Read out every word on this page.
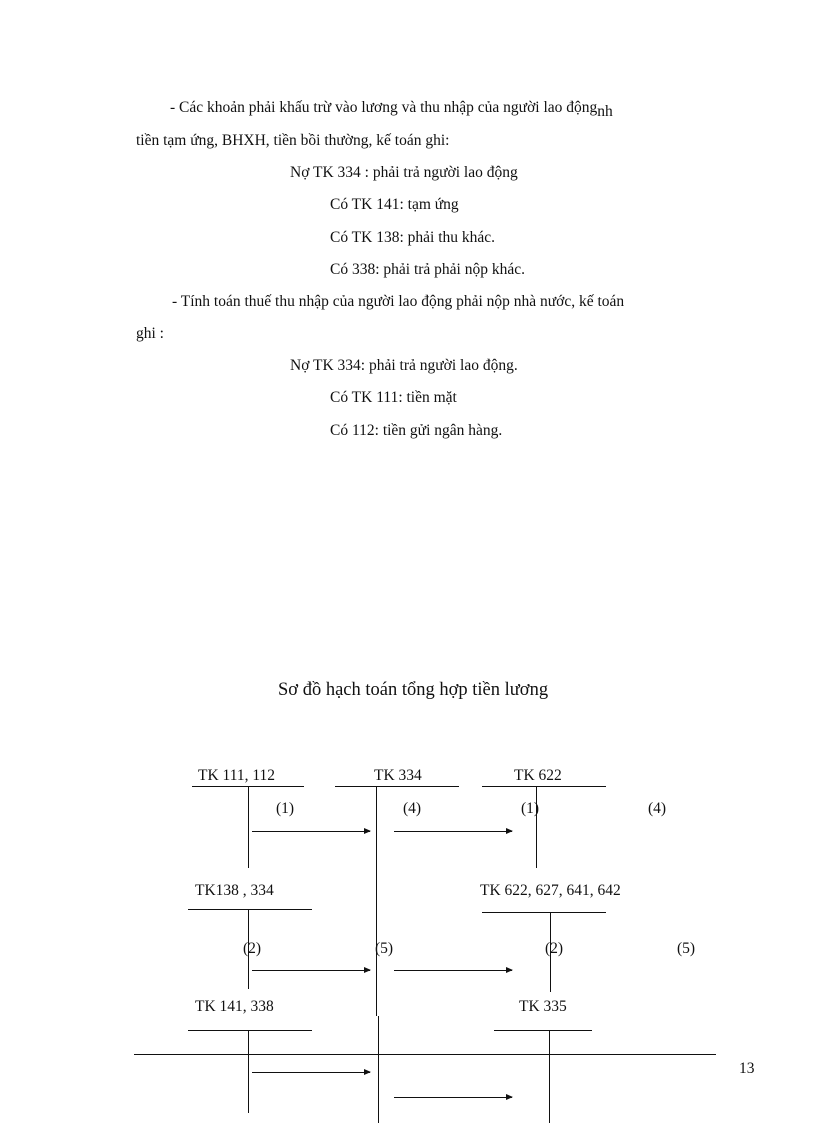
- Các khoản phải khấu trừ vào lương và thu nhập của người lao độngnh
tiền tạm ứng, BHXH, tiền bồi thường, kế toán ghi:
Nợ TK 334 : phải trả người lao động
Có TK 141: tạm ứng
Có TK 138: phải thu khác.
Có 338: phải trả phải nộp khác.
- Tính toán thuế thu nhập của người lao động phải nộp nhà nước, kế toán
ghi :
Nợ TK 334: phải trả người lao động.
Có TK 111: tiền mặt
Có 112: tiền gửi ngân hàng.
Sơ đồ hạch toán tổng hợp tiền lương
TK 111, 112	TK 334	TK 622
TK138 , 334	TK 622, 627, 641, 642
TK 141, 338	TK 335
(1)	(4)	(1)	(4)
(2)	(5)	(2)	(5)
13
